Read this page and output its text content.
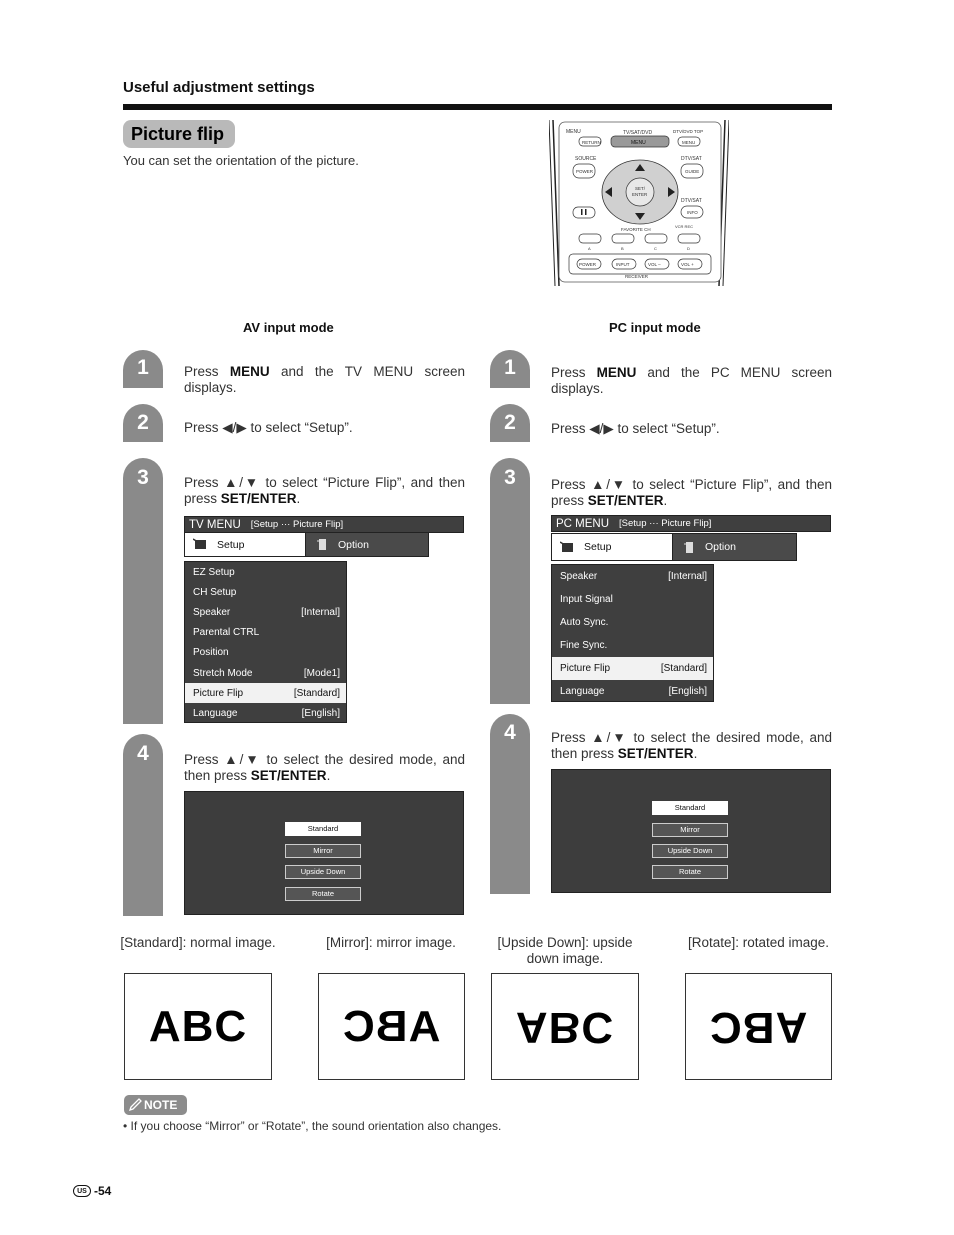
Useful adjustment settings
Picture flip
You can set the orientation of the picture.
MENU	TV/SAT/DVD	DTV/DVD TOP
RETURN	MENU	MENU
SOURCE	DTV/SAT
POWER	GUIDE
SET/
ENTER
DTV/SAT
INFO
FAVORITE CH
VCR REC
A	B	C	D
POWER	INPUT	VOL –	VOL +
RECEIVER
AV input mode
1
2
3
4
Press MENU and the TV MENU screen displays.
Press ◀/▶ to select “Setup”.
Press ▲/▼ to select “Picture Flip”, and then press SET/ENTER.
TV MENU [Setup ··· Picture Flip]
Setup	Option
EZ Setup
CH Setup
Speaker	[Internal]
Parental CTRL
Position
Stretch Mode	[Mode1]
Picture Flip	[Standard]
Language	[English]
Press ▲/▼ to select the desired mode, and then press SET/ENTER.
Standard
Mirror
Upside Down
Rotate
PC input mode
1
2
3
4
Press MENU and the PC MENU screen displays.
Press ◀/▶ to select “Setup”.
Press ▲/▼ to select “Picture Flip”, and then press SET/ENTER.
PC MENU [Setup ··· Picture Flip]
Setup	Option
Speaker	[Internal]
Input Signal
Auto Sync.
Fine Sync.
Picture Flip	[Standard]
Language	[English]
Press ▲/▼ to select the desired mode, and then press SET/ENTER.
Standard
Mirror
Upside Down
Rotate
[Standard]: normal image.	[Mirror]: mirror image.	[Upside Down]: upside down image.
[Rotate]: rotated image.
ABC ABC ABC ABC
NOTE
• If you choose “Mirror” or “Rotate”, the sound orientation also changes.
US -54
